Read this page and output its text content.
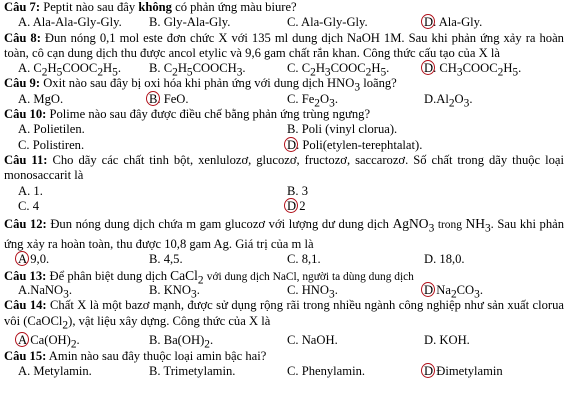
Câu 7: Peptit nào sau đây không có phản ứng màu biure?
A. Ala-Ala-Gly-Gly. B. Gly-Ala-Gly.	C. Ala-Gly-Gly.	D. Ala-Gly.
Câu 8: Đun nóng 0,1 mol este đơn chức X với 135 ml dung dịch NaOH 1M. Sau khi phản ứng xảy ra hoàn toàn, cô cạn dung dịch thu được ancol etylic và 9,6 gam chất rắn khan. Công thức cấu tạo của X là
A. $C_2H_5COOC_2H_5$. B. $C_2H_5COOCH_3$.	C. $C_2H_3COOC_2H_5$.	D. $CH_3COOC_2H_5$.
Câu 9: Oxit nào sau đây bị oxi hóa khi phản ứng với dung dịch $HNO_3$ loãng?
A. MgO.	B. FeO.	C. $Fe_2O_3$.	$D.Al_2O_3$.
Câu 10: Polime nào sau đây được điều chế bằng phản ứng trùng ngưng?
A. Polietilen.	B. Poli (vinyl clorua).
C. Polistiren.	D. Poli(etylen-terephtalat).
Câu 11: Cho dãy các chất tinh bột, xenlulozơ, glucozơ, fructozơ, saccarozơ. Số chất trong dãy thuộc loại monosaccarit là
A. 1.	B. 3
C. 4	D 2
Câu 12: Đun nóng dung dịch chứa m gam glucozơ với lượng dư dung dịch AgNO$_3$ trong $NH_3$. Sau khi phản ứng xảy ra hoàn toàn, thu được 10,8 gam Ag. Giá trị của m là
A 9,0.	B. 4,5.	C. 8,1.	D. 18,0.
Câu 13: Để phân biệt dung dịch CaCl$_2$ với dung dịch NaCl, người ta dùng dung dịch
A.NaNO$_3$.	B. $KNO_3$.	C. $HNO_3$.	D $Na_2CO_3$.
Câu 14: Chất X là một bazơ mạnh, được sử dụng rộng rãi trong nhiều ngành công nghiệp như sản xuất clorua vôi (CaOCl$_2$), vật liệu xây dựng. Công thức của X là
A $Ca(OH)_2$.	B. $Ba(OH)_2$.	C. NaOH.	D. KOH.
Câu 15: Amin nào sau đây thuộc loại amin bậc hai?
A. Metylamin.	B. Trimetylamin.	C. Phenylamin.	D Đimetylamin
